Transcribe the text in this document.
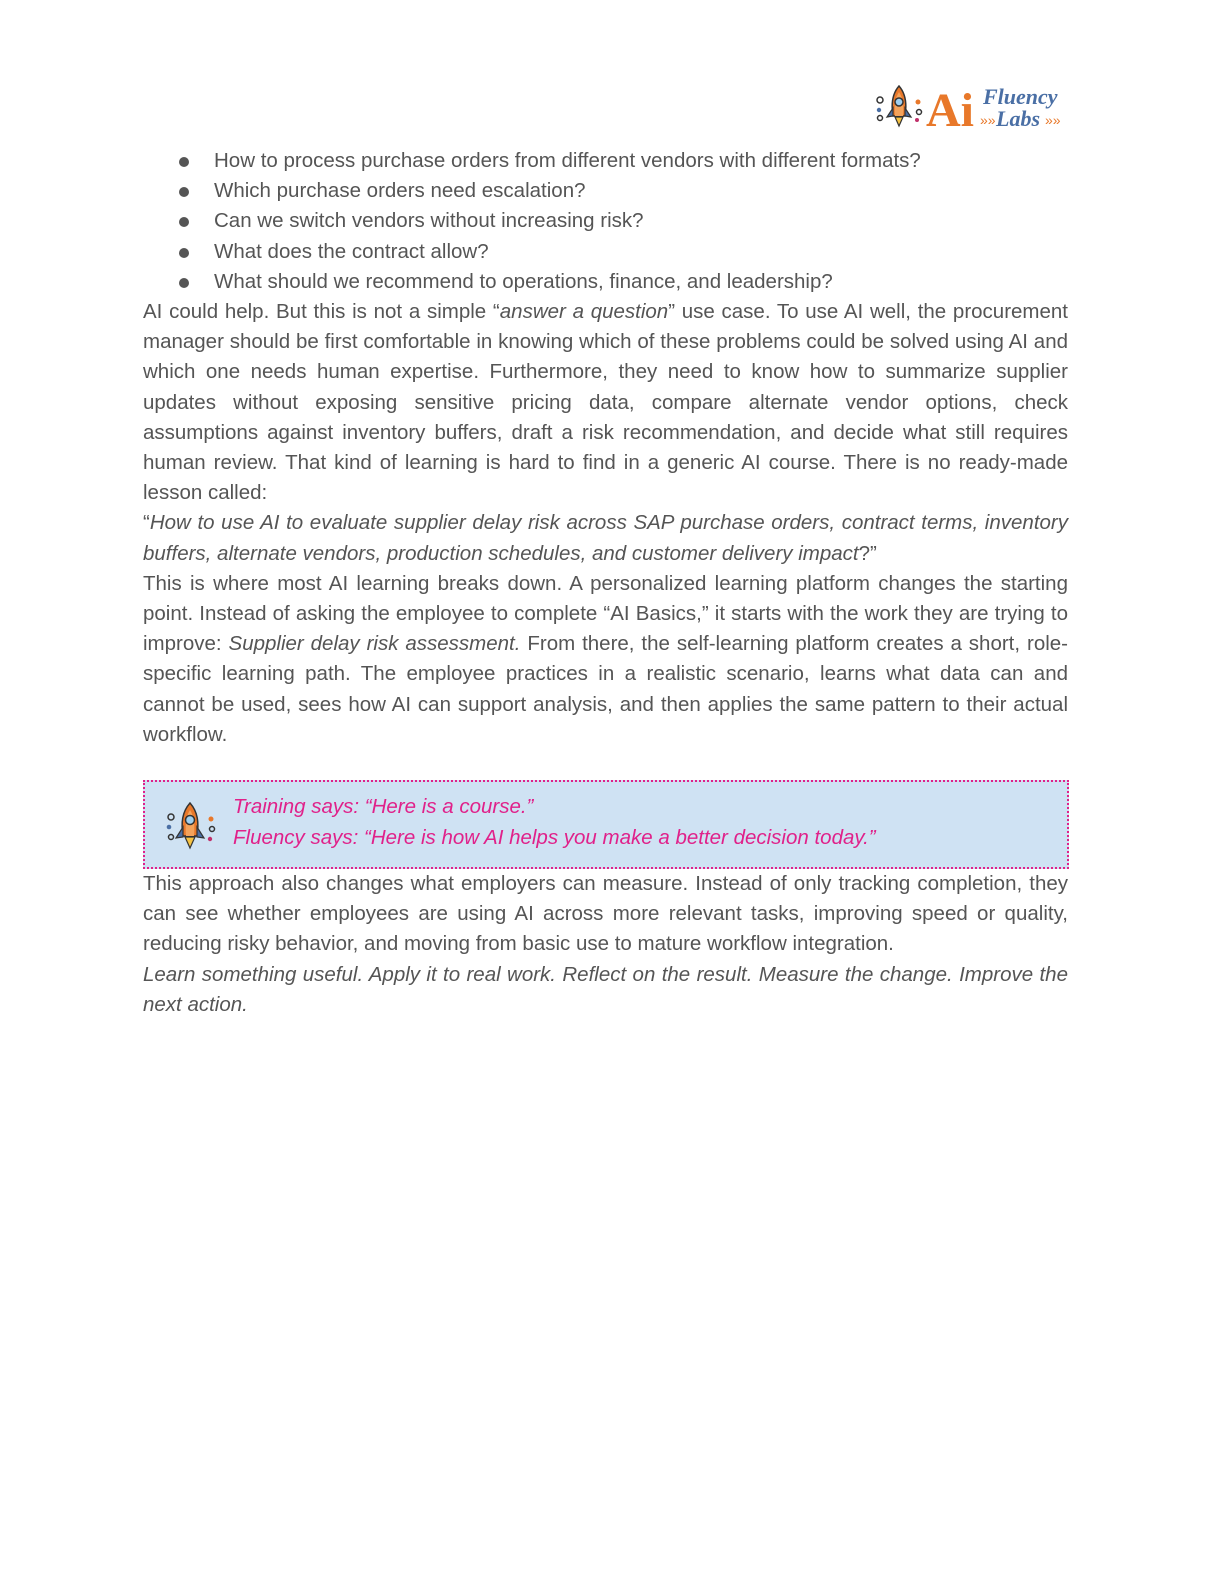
Ai Fluency
»» Labs »»
How to process purchase orders from different vendors with different formats?
Which purchase orders need escalation?
Can we switch vendors without increasing risk?
What does the contract allow?
What should we recommend to operations, finance, and leadership?

AI could help. But this is not a simple “answer a question” use case. To use AI well, the procurement manager should be first comfortable in knowing which of these problems could be solved using AI and which one needs human expertise. Furthermore, they need to know how to summarize supplier updates without exposing sensitive pricing data, compare alternate vendor options, check assumptions against inventory buffers, draft a risk recommendation, and decide what still requires human review. That kind of learning is hard to find in a generic AI course. There is no ready-made lesson called:

“How to use AI to evaluate supplier delay risk across SAP purchase orders, contract terms, inventory buffers, alternate vendors, production schedules, and customer delivery impact?”

This is where most AI learning breaks down. A personalized learning platform changes the starting point. Instead of asking the employee to complete “AI Basics,” it starts with the work they are trying to improve: Supplier delay risk assessment. From there, the self-learning platform creates a short, role-specific learning path. The employee practices in a realistic scenario, learns what data can and cannot be used, sees how AI can support analysis, and then applies the same pattern to their actual workflow.

Training says: “Here is a course.”
Fluency says: “Here is how AI helps you make a better decision today.”

This approach also changes what employers can measure. Instead of only tracking completion, they can see whether employees are using AI across more relevant tasks, improving speed or quality, reducing risky behavior, and moving from basic use to mature workflow integration.

Learn something useful. Apply it to real work. Reflect on the result. Measure the change. Improve the next action.
